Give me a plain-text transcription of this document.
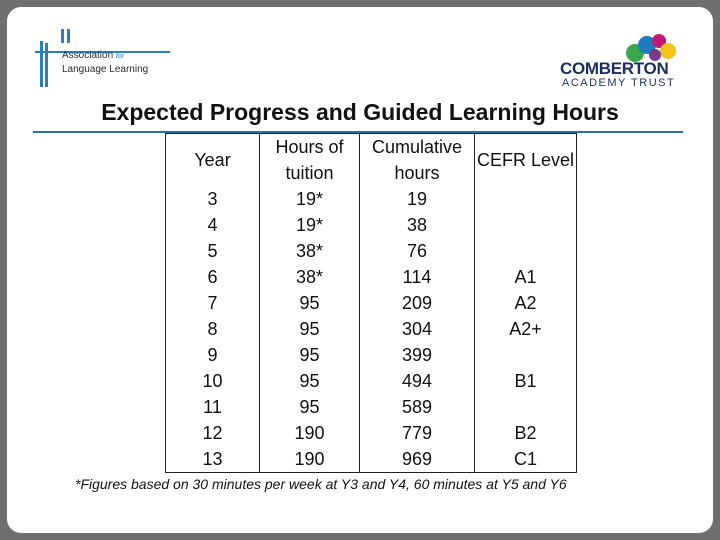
Association for
Language Learning	COMBERTON
ACADEMY TRUST
Expected Progress and Guided Learning Hours
Year	Hours of tuition	Cumulative hours	CEFR Level
3	19*	19	
4	19*	38	
5	38*	76	
6	38*	114	A1
7	95	209	A2
8	95	304	A2+
9	95	399	
10	95	494	B1
11	95	589	
12	190	779	B2
13	190	969	C1
*Figures based on 30 minutes per week at Y3 and Y4, 60 minutes at Y5 and Y6
